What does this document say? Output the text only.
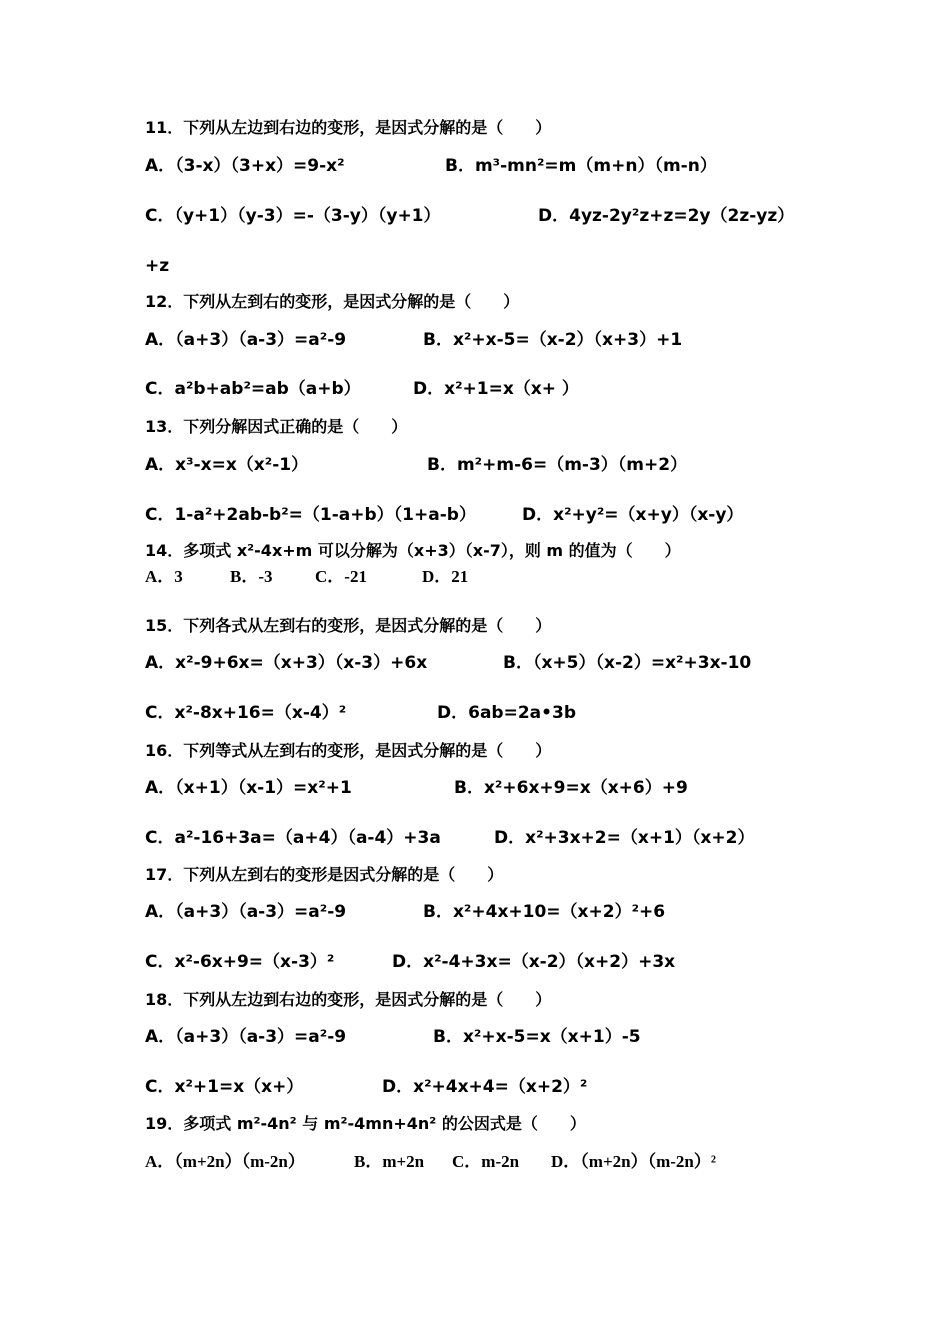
11．下列从左边到右边的变形，是因式分解的是（　　）
A．（3-x）（3+x）=9-x²	B．m³-mn²=m（m+n）（m-n）
C．（y+1）（y-3）=-（3-y）（y+1）	D．4yz-2y²z+z=2y（2z-yz）
+z
12．下列从左到右的变形，是因式分解的是（　　）
A．（a+3）（a-3）=a²-9	B．x²+x-5=（x-2）（x+3）+1
C．a²b+ab²=ab（a+b）	D．x²+1=x（x+ ）
13．下列分解因式正确的是（　　）
A．x³-x=x（x²-1）	B．m²+m-6=（m-3）（m+2）
C．1-a²+2ab-b²=（1-a+b）（1+a-b）	D．x²+y²=（x+y）（x-y）
14．多项式 x²-4x+m 可以分解为（x+3）（x-7），则 m 的值为（　　）
A．3	B．-3	C．-21	D．21
15．下列各式从左到右的变形，是因式分解的是（　　）
A．x²-9+6x=（x+3）（x-3）+6x	B．（x+5）（x-2）=x²+3x-10
C．x²-8x+16=（x-4）²	D．6ab=2a•3b
16．下列等式从左到右的变形，是因式分解的是（　　）
A．（x+1）（x-1）=x²+1	B．x²+6x+9=x（x+6）+9
C．a²-16+3a=（a+4）（a-4）+3a	D．x²+3x+2=（x+1）（x+2）
17．下列从左到右的变形是因式分解的是（　　）
A．（a+3）（a-3）=a²-9	B．x²+4x+10=（x+2）²+6
C．x²-6x+9=（x-3）²	D．x²-4+3x=（x-2）（x+2）+3x
18．下列从左边到右边的变形，是因式分解的是（　　）
A．（a+3）（a-3）=a²-9	B．x²+x-5=x（x+1）-5
C．x²+1=x（x+）	D．x²+4x+4=（x+2）²
19．多项式 m²-4n² 与 m²-4mn+4n² 的公因式是（　　）
A．（m+2n）（m-2n）	B．m+2n C．m-2n D．（m+2n）（m-2n）²
